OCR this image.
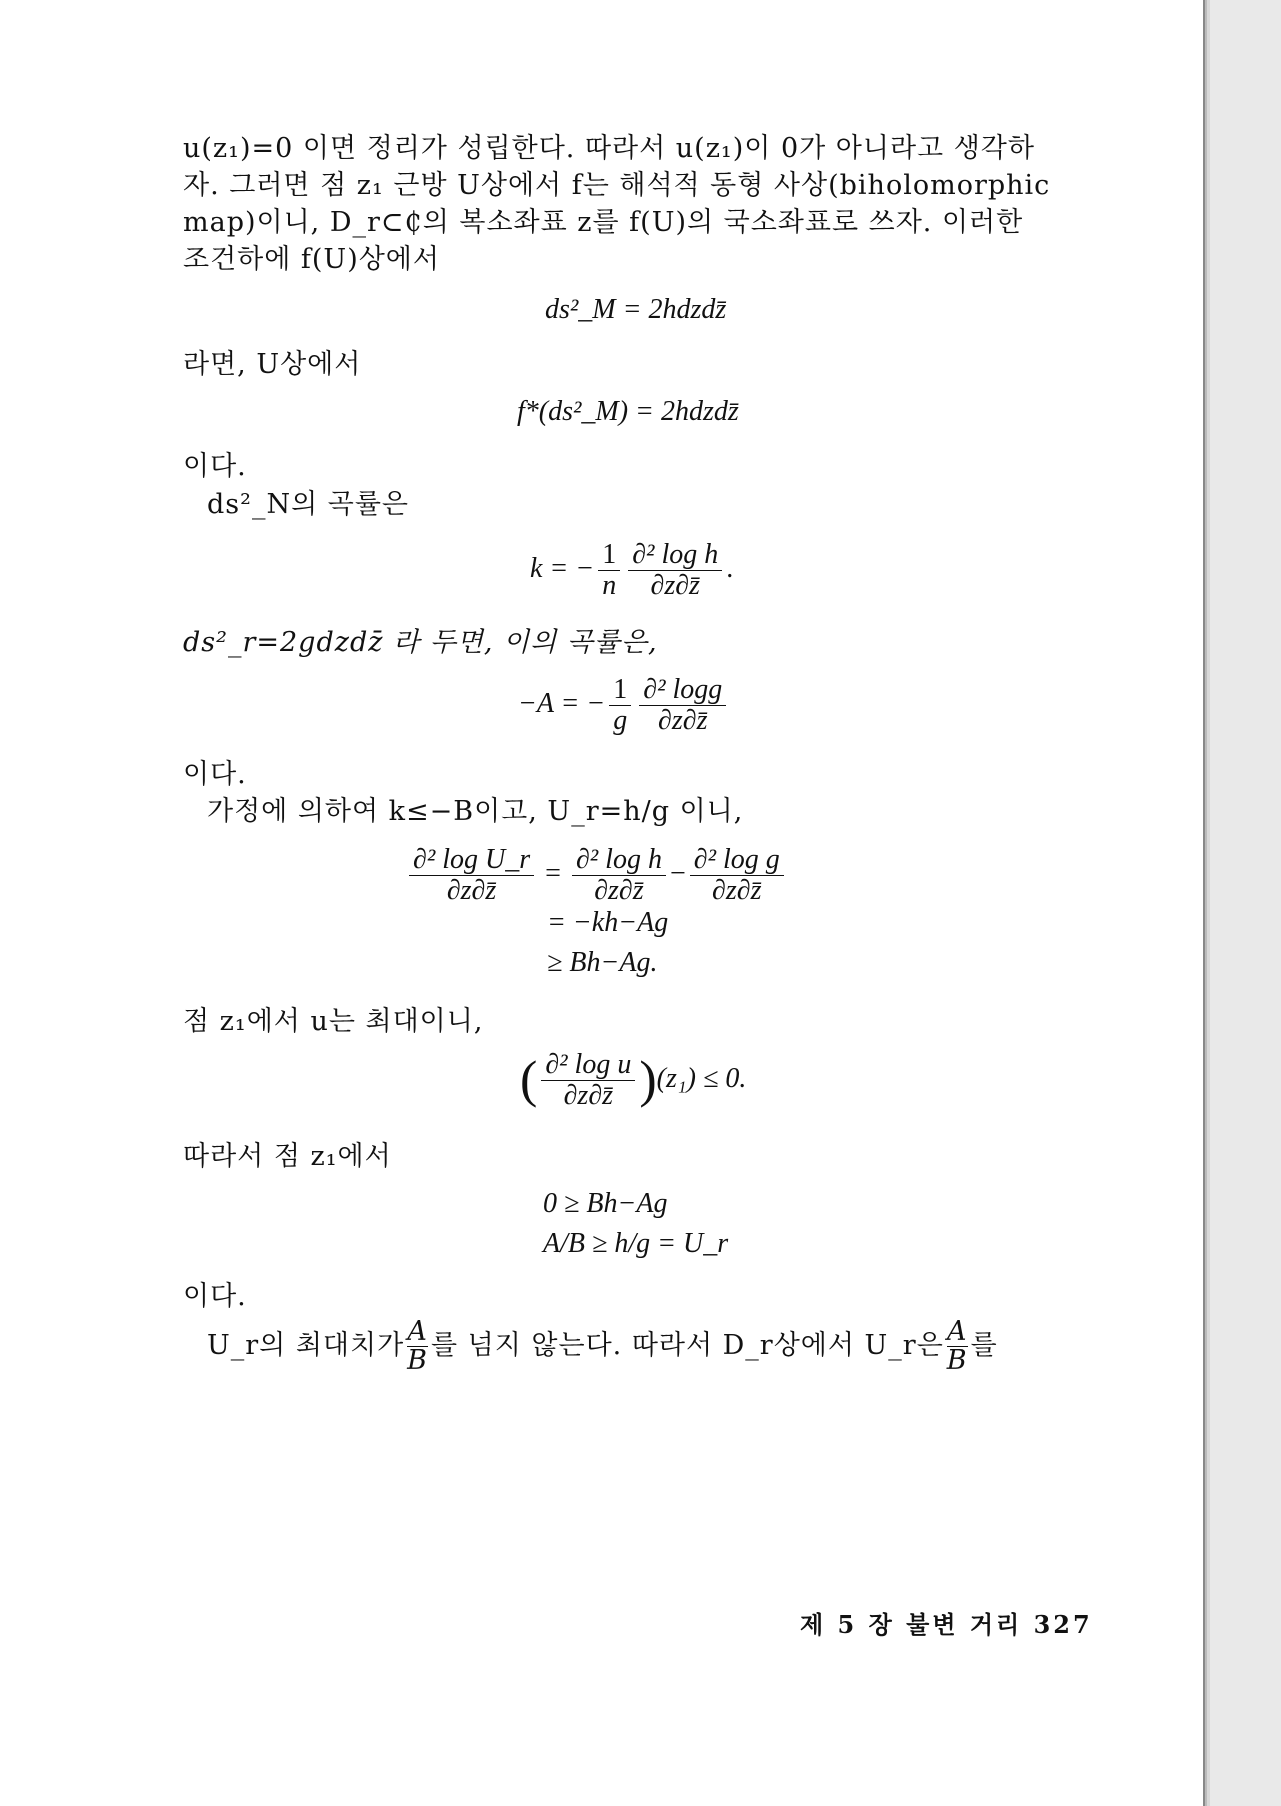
u(z₁)=0 이면 정리가 성립한다. 따라서 u(z₁)이 0가 아니라고 생각하
자. 그러면 점 z₁ 근방 U상에서 f는 해석적 동형 사상(biholomorphic
map)이니, D_r⊂₵의 복소좌표 z를 f(U)의 국소좌표로 쓰자. 이러한
조건하에 f(U)상에서
ds²_M = 2hdzdz̄
라면, U상에서
f*(ds²_M) = 2hdzdz̄
이다.
ds²_N의 곡률은
k = − $\frac{1}{n} \frac{\text{∂² log h}}{\partial z\partial z̄}$ .
ds²_r=2gdzdz̄ 라 두면, 이의 곡률은,
−A = − $\frac{1}{g} \frac{\text{∂² logg}}{\partial z\partial z̄}$
이다.
가정에 의하여 k≤−B이고, U_r=h/g 이니,
$\frac{\text{∂² log U\_r}}{\partial z\partial z̄} = \frac{\text{∂² log h}}{\partial z\partial z̄} - \frac{\text{∂² log g}}{\partial z\partial z̄}$
= −kh−Ag
≥ Bh−Ag.
점 z₁에서 u는 최대이니,
( $\frac{\text{∂² log u}}{\partial z\partial z̄} )(z_1) \le 0$.
따라서 점 z₁에서
0 ≥ Bh−Ag
A/B ≥ h/g = U_r
이다.
U_r의 최대치가 $\frac{A}{B}$ 를 넘지 않는다. 따라서 D_r상에서 U_r은 $\frac{A}{B}$ 를
제 5 장 불변 거리 327
